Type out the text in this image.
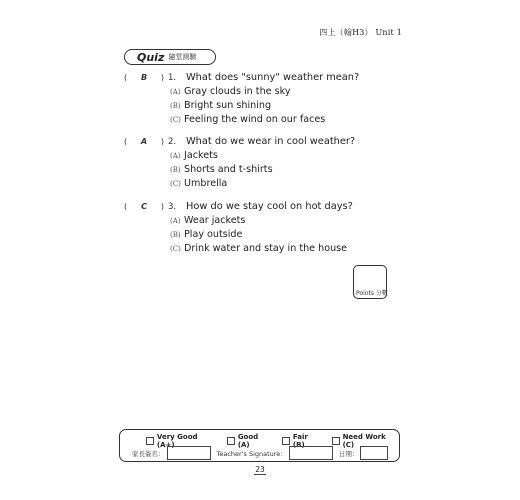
四上（翰H3） Unit 1
Quiz 隨堂測驗
( B ) 1.	What does "sunny" weather mean?
(A) Gray clouds in the sky
(B) Bright sun shining
(C) Feeling the wind on our faces
( A ) 2.	What do we wear in cool weather?
(A) Jackets
(B) Shorts and t-shirts
(C) Umbrella
( C ) 3.	How do we stay cool on hot days?
(A) Wear jackets
(B) Play outside
(C) Drink water and stay in the house
Points 分數
Very Good (A+)
Good (A)
Fair (B)
Need Work (C)
家長簽名：	Teacher's Signature：	日期：
23
